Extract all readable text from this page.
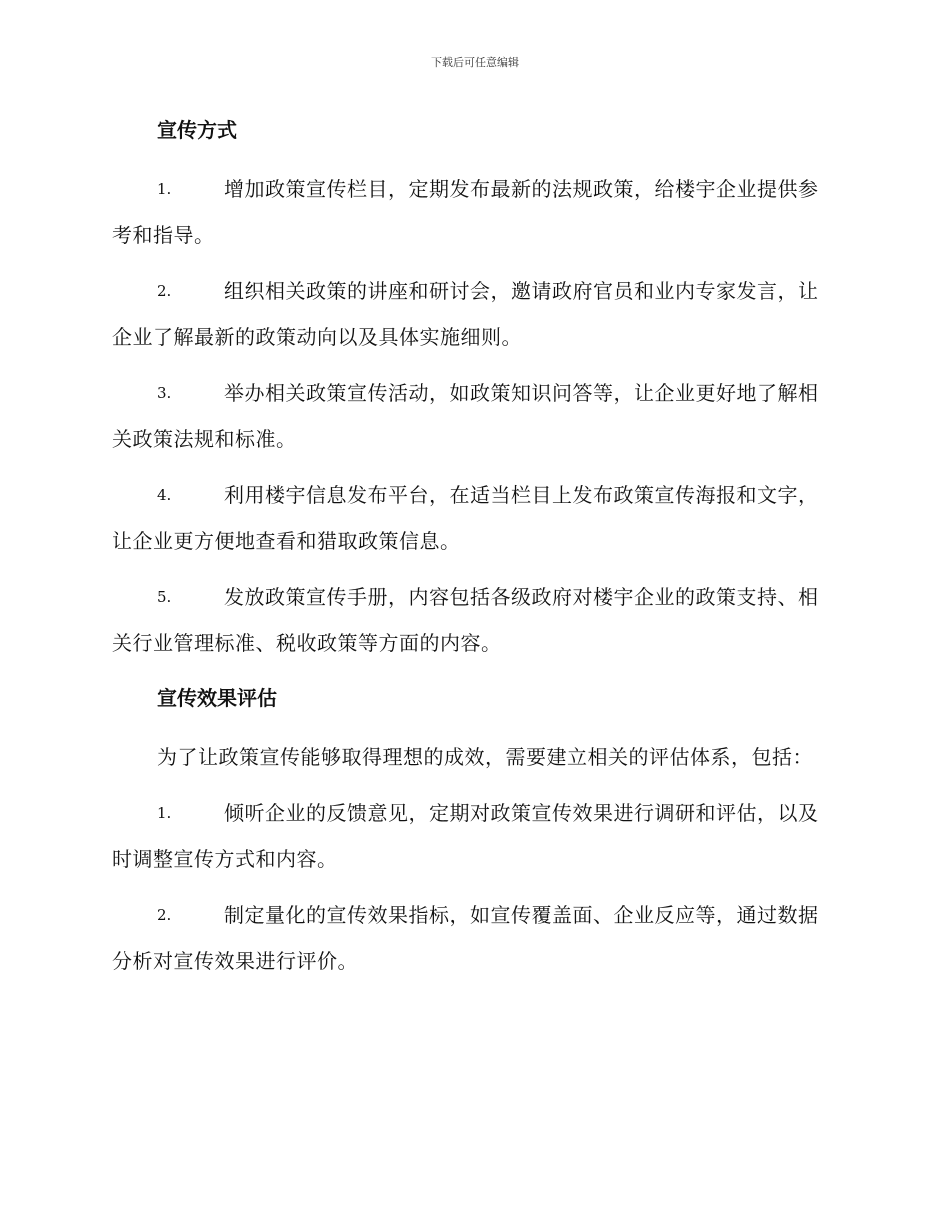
下载后可任意编辑
宣传方式
1.	增加政策宣传栏目，定期发布最新的法规政策，给楼宇企业提供参考和指导。
2.	组织相关政策的讲座和研讨会，邀请政府官员和业内专家发言，让企业了解最新的政策动向以及具体实施细则。
3.	举办相关政策宣传活动，如政策知识问答等，让企业更好地了解相关政策法规和标准。
4.	利用楼宇信息发布平台，在适当栏目上发布政策宣传海报和文字，让企业更方便地查看和猎取政策信息。
5.	发放政策宣传手册，内容包括各级政府对楼宇企业的政策支持、相关行业管理标准、税收政策等方面的内容。
宣传效果评估
为了让政策宣传能够取得理想的成效，需要建立相关的评估体系，包括：
1.	倾听企业的反馈意见，定期对政策宣传效果进行调研和评估，以及时调整宣传方式和内容。
2.	制定量化的宣传效果指标，如宣传覆盖面、企业反应等，通过数据分析对宣传效果进行评价。
